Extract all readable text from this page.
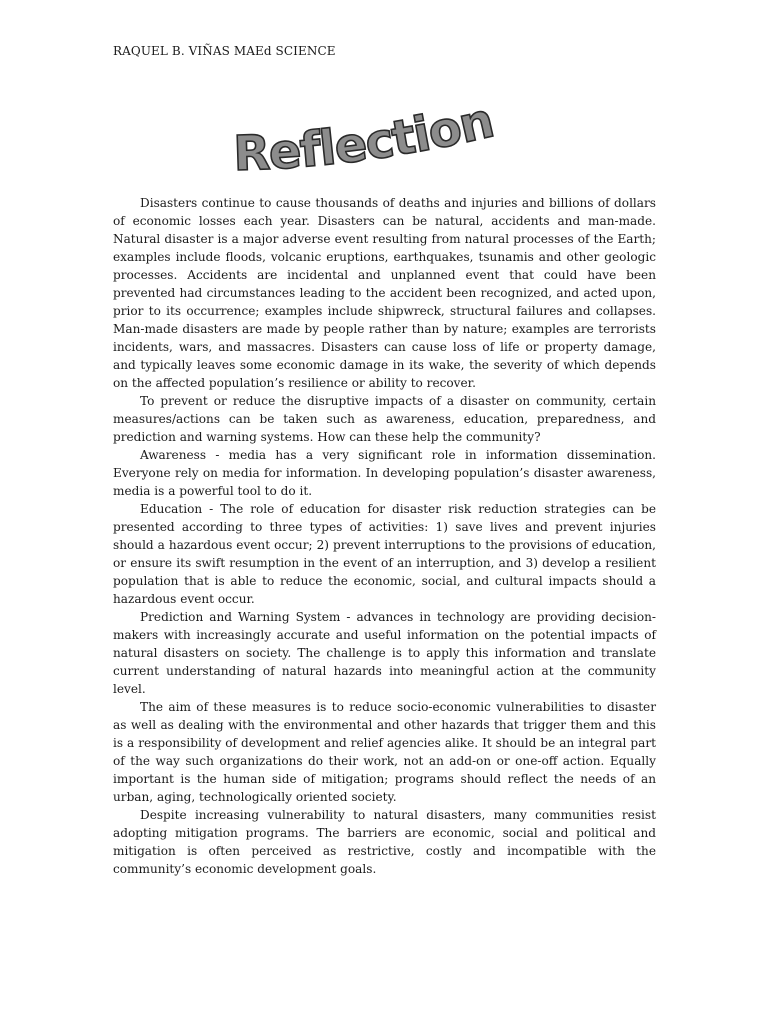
RAQUEL B. VIÑAS MAEd SCIENCE
Reflection

Disasters continue to cause thousands of deaths and injuries and billions of dollars of economic losses each year. Disasters can be natural, accidents and man-made. Natural disaster is a major adverse event resulting from natural processes of the Earth; examples include floods, volcanic eruptions, earthquakes, tsunamis and other geologic processes. Accidents are incidental and unplanned event that could have been prevented had circumstances leading to the accident been recognized, and acted upon, prior to its occurrence; examples include shipwreck, structural failures and collapses. Man-made disasters are made by people rather than by nature; examples are terrorists incidents, wars, and massacres. Disasters can cause loss of life or property damage, and typically leaves some economic damage in its wake, the severity of which depends on the affected population’s resilience or ability to recover.

To prevent or reduce the disruptive impacts of a disaster on community, certain measures/actions can be taken such as awareness, education, preparedness, and prediction and warning systems. How can these help the community?

Awareness - media has a very significant role in information dissemination. Everyone rely on media for information. In developing population’s disaster awareness, media is a powerful tool to do it.

Education - The role of education for disaster risk reduction strategies can be presented according to three types of activities: 1) save lives and prevent injuries should a hazardous event occur; 2) prevent interruptions to the provisions of education, or ensure its swift resumption in the event of an interruption, and 3) develop a resilient population that is able to reduce the economic, social, and cultural impacts should a hazardous event occur.

Prediction and Warning System - advances in technology are providing decision-makers with increasingly accurate and useful information on the potential impacts of natural disasters on society. The challenge is to apply this information and translate current understanding of natural hazards into meaningful action at the community level.

The aim of these measures is to reduce socio-economic vulnerabilities to disaster as well as dealing with the environmental and other hazards that trigger them and this is a responsibility of development and relief agencies alike. It should be an integral part of the way such organizations do their work, not an add-on or one-off action. Equally important is the human side of mitigation; programs should reflect the needs of an urban, aging, technologically oriented society.

Despite increasing vulnerability to natural disasters, many communities resist adopting mitigation programs. The barriers are economic, social and political and mitigation is often perceived as restrictive, costly and incompatible with the community’s economic development goals.
